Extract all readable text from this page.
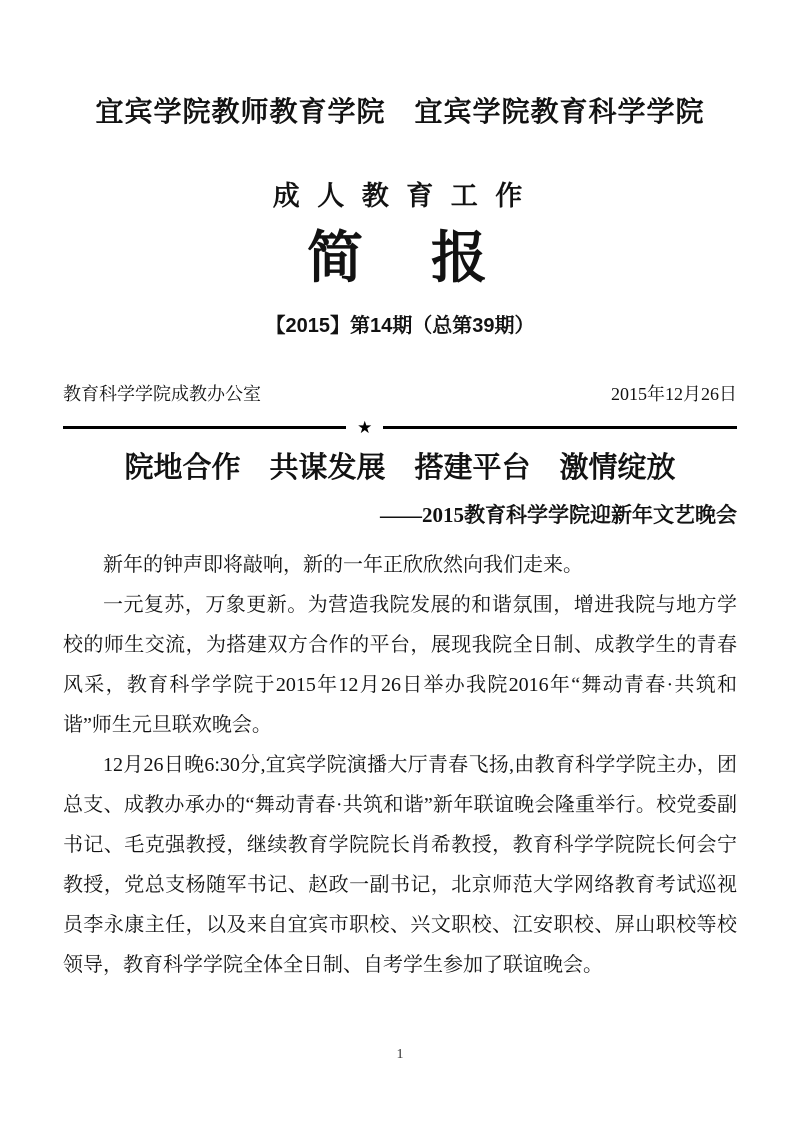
宜宾学院教师教育学院　宜宾学院教育科学学院
成 人 教 育 工 作
简　报
【2015】第14期（总第39期）
教育科学学院成教办公室	2015年12月26日
★
院地合作　共谋发展　搭建平台　激情绽放
——2015教育科学学院迎新年文艺晚会

新年的钟声即将敲响，新的一年正欣欣然向我们走来。

一元复苏，万象更新。为营造我院发展的和谐氛围，增进我院与地方学校的师生交流，为搭建双方合作的平台，展现我院全日制、成教学生的青春风采，教育科学学院于2015年12月26日举办我院2016年“舞动青春·共筑和谐”师生元旦联欢晚会。

12月26日晚6:30分,宜宾学院演播大厅青春飞扬,由教育科学学院主办，团总支、成教办承办的“舞动青春·共筑和谐”新年联谊晚会隆重举行。校党委副书记、毛克强教授，继续教育学院院长肖希教授，教育科学学院院长何会宁教授，党总支杨随军书记、赵政一副书记，北京师范大学网络教育考试巡视员李永康主任，以及来自宜宾市职校、兴文职校、江安职校、屏山职校等校领导，教育科学学院全体全日制、自考学生参加了联谊晚会。

1
